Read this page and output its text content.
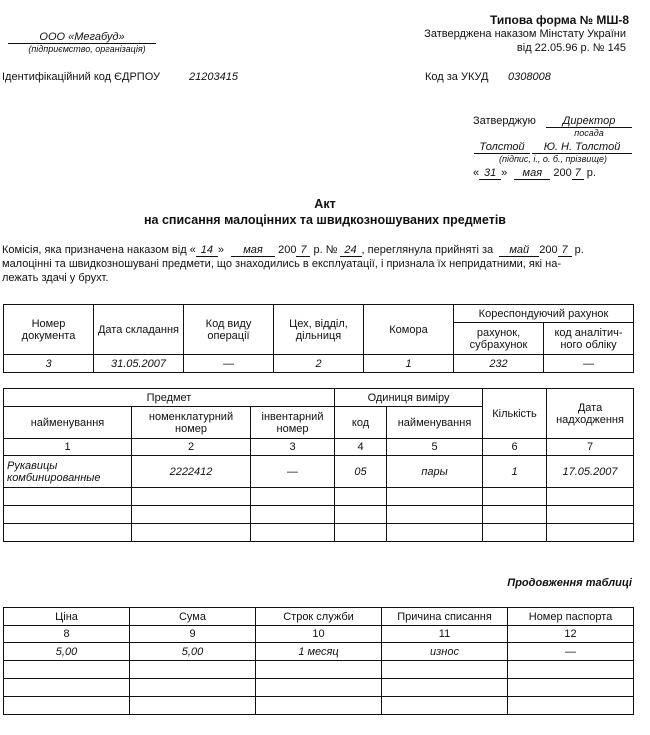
Типова форма № МШ-8
Затверджена наказом Мінстату України
від 22.05.96 р. № 145
ООО «Мегабуд»
(підприємство, організація)
Ідентифікаційний код ЄДРПОУ	21203415	Код за УКУД 0308008
Затверджую	Директор
посада
Толстой	Ю. Н. Толстой
(підпис, і., о. б., прізвище)
« 31 » мая 200 7 р.
Акт
на списання малоцінних та швидкозношуваних предметів
Комісія, яка призначена наказом від « 14 » мая 200 7 р. № 24 , переглянула прийняті за май 200 7 р.
малоцінні та швидкозношувані предмети, що знаходились в експлуатації, і признала їх непридатними, які на-
лежать здачі у брухт.
Номер документа	Дата складання	Код виду операції	Цех, відділ, дільниця	Комора	Кореспондуючий рахунок	
					рахунок, субрахунок	код аналітич- ного обліку
3	31.05.2007	—	2	1	232	—
Предмет			Одиниця виміру		Кількість	Дата надходження
найменування	номенклатурний номер	інвентарний номер	код	найменування		
1	2	3	4	5	6	7
Рукавицы комбинированные	2222412	—	05	пары	1	17.05.2007

Продовження таблиці
Ціна	Сума	Строк служби	Причина списання	Номер паспорта
8	9	10	11	12
5,00	5,00	1 месяц	износ	—
